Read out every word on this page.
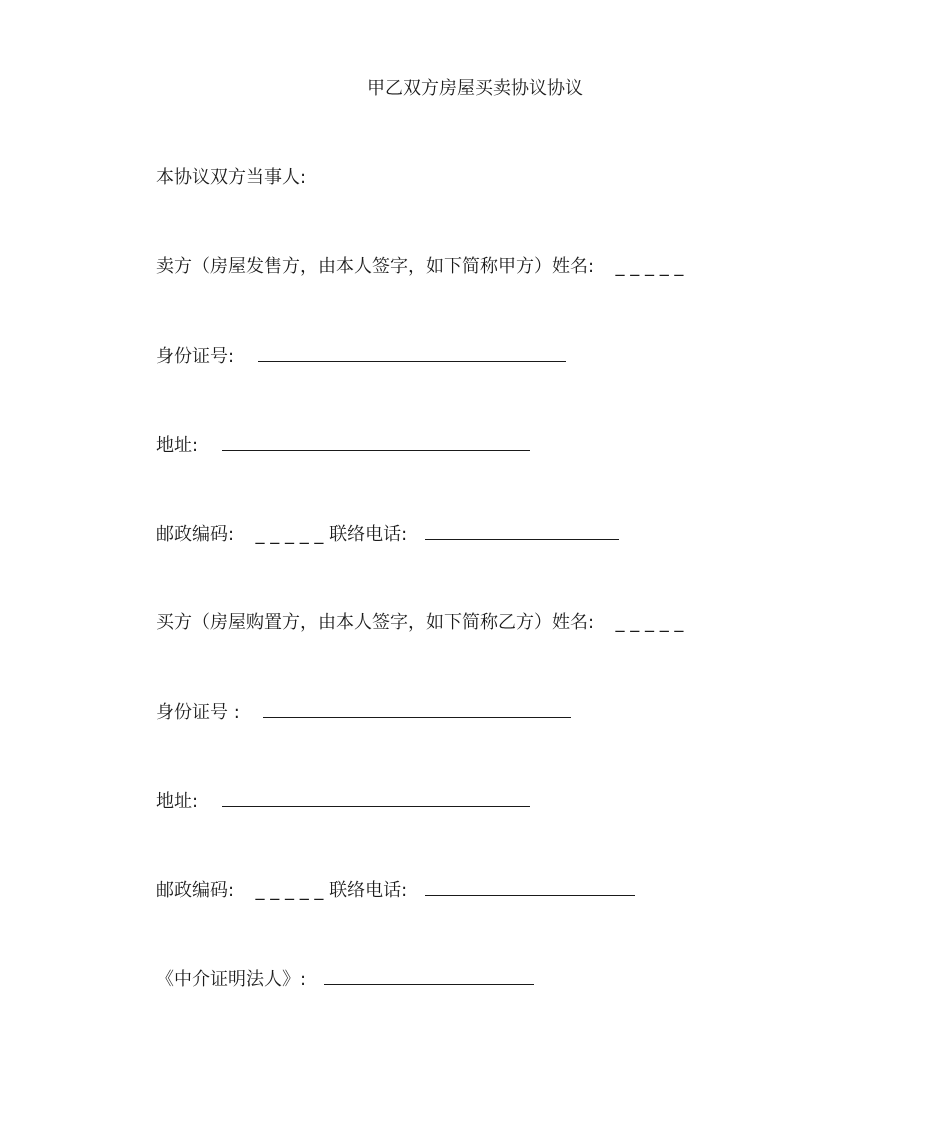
甲乙双方房屋买卖协议协议
本协议双方当事人:
卖方（房屋发售方，由本人签字，如下简称甲方）姓名: _ _ _ _ _
身份证号:
地址:
邮政编码: _ _ _ _ _ 联络电话:
买方（房屋购置方，由本人签字，如下简称乙方）姓名: _ _ _ _ _
身份证号 :
地址:
邮政编码: _ _ _ _ _ 联络电话:
《中介证明法人》:
